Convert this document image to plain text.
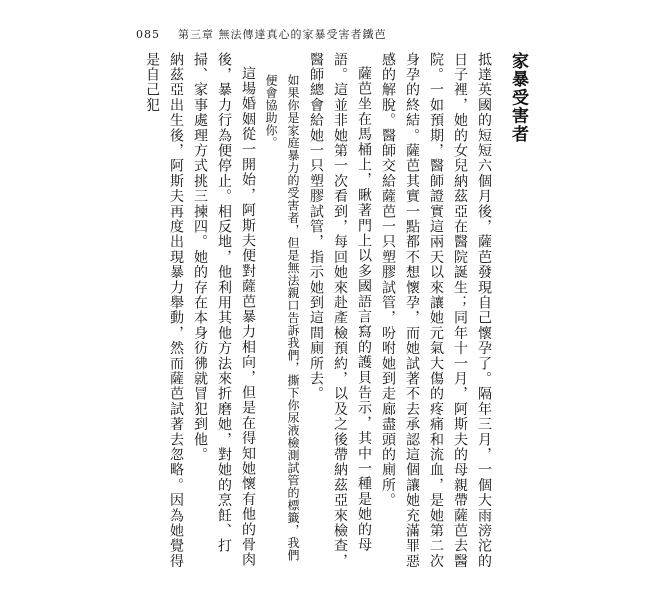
085 第三章 無法傳達真心的家暴受害者鐵芭
家暴受害者

抵達英國的短短六個月後，薩芭發現自己懷孕了。隔年三月，一個大雨滂沱的日子裡，她的女兒納茲亞在醫院誕生；同年十一月，阿斯夫的母親帶薩芭去醫院。一如預期，醫師證實這兩天以來讓她元氣大傷的疼痛和流血，是她第二次身孕的終結。薩芭其實一點都不想懷孕，而她試著不去承認這個讓她充滿罪惡感的解脫。醫師交給薩芭一只塑膠試管，吩咐她到走廊盡頭的廁所。

薩芭坐在馬桶上，瞅著門上以多國語言寫的護貝告示，其中一種是她的母語。這並非她第一次看到，每回她來赴產檢預約，以及之後帶納茲亞來檢查，醫師總會給她一只塑膠試管，指示她到這間廁所去。

如果你是家庭暴力的受害者，但是無法親口告訴我們，撕下你尿液檢測試管的標籤，我們便會協助你。

這場婚姻從一開始，阿斯夫便對薩芭暴力相向，但是在得知她懷有他的骨肉後，暴力行為便停止。相反地，他利用其他方法來折磨她，對她的烹飪、打掃、家事處理方式挑三揀四。她的存在本身彷彿就冒犯到他。

納茲亞出生後，阿斯夫再度出現暴力舉動，然而薩芭試著去忽略。因為她覺得是自己犯
